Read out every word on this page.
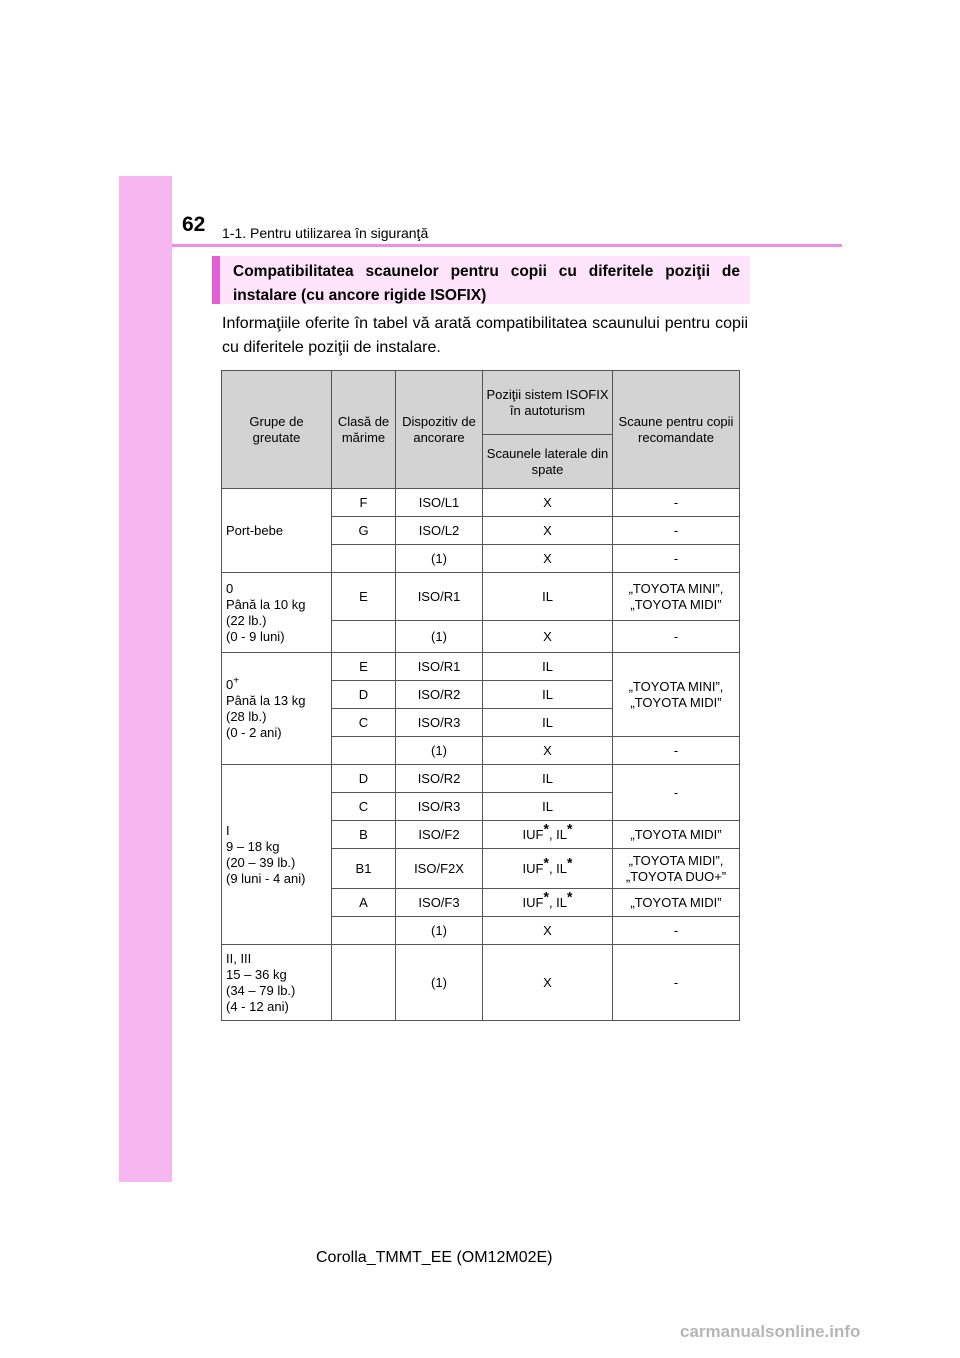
62 1-1. Pentru utilizarea în siguranţă
Compatibilitatea scaunelor pentru copii cu diferitele poziţii de instalare (cu ancore rigide ISOFIX)
Informaţiile oferite în tabel vă arată compatibilitatea scaunului pentru copii cu diferitele poziţii de instalare.
Grupe de greutate	Clasă de mărime	Dispozitiv de ancorare	Poziţii sistem ISOFIX în autoturism	Scaune pentru copii recomandate
			Scaunele laterale din spate	
Port-bebe	F	ISO/L1	X	-
	G	ISO/L2	X	-
		(1)	X	-

0
Până la 10 kg
(22 lb.)
(0 - 9 luni)	E	ISO/R1	IL	„TOYOTA MINI”,
„TOYOTA MIDI”

		(1)	X	-

0+
Până la 13 kg
(28 lb.)
(0 - 2 ani)	E	ISO/R1	IL	„TOYOTA MINI”,
„TOYOTA MIDI”

	D	ISO/R2	IL	
	C	ISO/R3	IL	
		(1)	X	-

I
9 – 18 kg
(20 – 39 lb.)
(9 luni - 4 ani)	D	ISO/R2	IL	-
	C	ISO/R3	IL	
	B	ISO/F2	IUF*, IL*	„TOYOTA MIDI”
	B1	ISO/F2X	IUF*, IL*	„TOYOTA MIDI”,
„TOYOTA DUO+”

	A	ISO/F3	IUF*, IL*	„TOYOTA MIDI”
		(1)	X	-

II, III
15 – 36 kg
(34 – 79 lb.)
(4 - 12 ani)		(1)	X	-
Corolla_TMMT_EE (OM12M02E)
carmanualsonline.info
